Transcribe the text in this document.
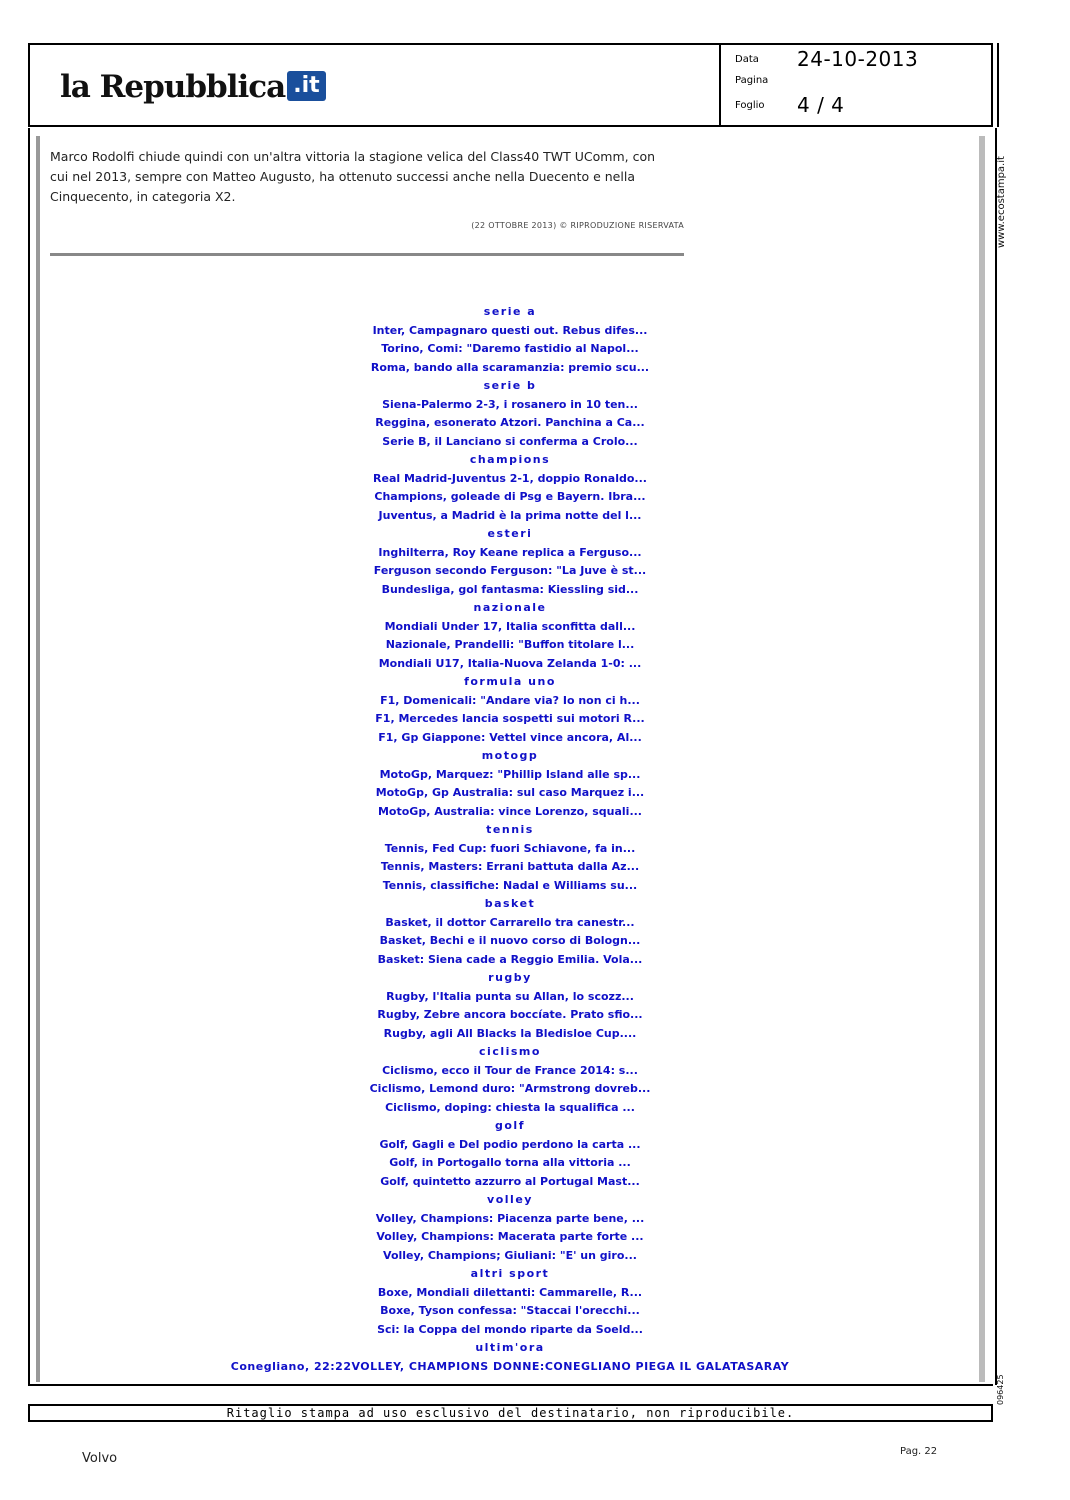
la Repubblica .it
Data	24-10-2013
Pagina
Foglio	4 / 4
Marco Rodolfi chiude quindi con un'altra vittoria la stagione velica del Class40 TWT UComm, con
cui nel 2013, sempre con Matteo Augusto, ha ottenuto successi anche nella Duecento e nella
Cinquecento, in categoria X2.
(22 OTTOBRE 2013) © RIPRODUZIONE RISERVATA
serie a
Inter, Campagnaro questi out. Rebus difes...
Torino, Comi: "Daremo fastidio al Napol...
Roma, bando alla scaramanzia: premio scu...
serie b
Siena-Palermo 2-3, i rosanero in 10 ten...
Reggina, esonerato Atzori. Panchina a Ca...
Serie B, il Lanciano si conferma a Crolo...
champions
Real Madrid-Juventus 2-1, doppio Ronaldo...
Champions, goleade di Psg e Bayern. Ibra...
Juventus, a Madrid è la prima notte del l...
esteri
Inghilterra, Roy Keane replica a Ferguso...
Ferguson secondo Ferguson: "La Juve è st...
Bundesliga, gol fantasma: Kiessling sid...
nazionale
Mondiali Under 17, Italia sconfitta dall...
Nazionale, Prandelli: "Buffon titolare l...
Mondiali U17, Italia-Nuova Zelanda 1-0: ...
formula uno
F1, Domenicali: "Andare via? Io non ci h...
F1, Mercedes lancia sospetti sui motori R...
F1, Gp Giappone: Vettel vince ancora, Al...
motogp
MotoGp, Marquez: "Phillip Island alle sp...
MotoGp, Gp Australia: sul caso Marquez i...
MotoGp, Australia: vince Lorenzo, squali...
tennis
Tennis, Fed Cup: fuori Schiavone, fa in...
Tennis, Masters: Errani battuta dalla Az...
Tennis, classifiche: Nadal e Williams su...
basket
Basket, il dottor Carrarello tra canestr...
Basket, Bechi e il nuovo corso di Bologn...
Basket: Siena cade a Reggio Emilia. Vola...
rugby
Rugby, l'Italia punta su Allan, lo scozz...
Rugby, Zebre ancora boccíate. Prato sfio...
Rugby, agli All Blacks la Bledisloe Cup....
ciclismo
Ciclismo, ecco il Tour de France 2014: s...
Ciclismo, Lemond duro: "Armstrong dovreb...
Ciclismo, doping: chiesta la squalifica ...
golf
Golf, Gagli e Del podio perdono la carta ...
Golf, in Portogallo torna alla vittoria ...
Golf, quintetto azzurro al Portugal Mast...
volley
Volley, Champions: Piacenza parte bene, ...
Volley, Champions: Macerata parte forte ...
Volley, Champions; Giuliani: "E' un giro...
altri sport
Boxe, Mondiali dilettanti: Cammarelle, R...
Boxe, Tyson confessa: "Staccai l'orecchi...
Sci: la Coppa del mondo riparte da Soeld...
ultim'ora
Conegliano, 22:22VOLLEY, CHAMPIONS DONNE:CONEGLIANO PIEGA IL GALATASARAY
www.ecostampa.it
096425
Ritaglio stampa ad uso esclusivo del destinatario, non riproducibile.
Volvo	Pag. 22
